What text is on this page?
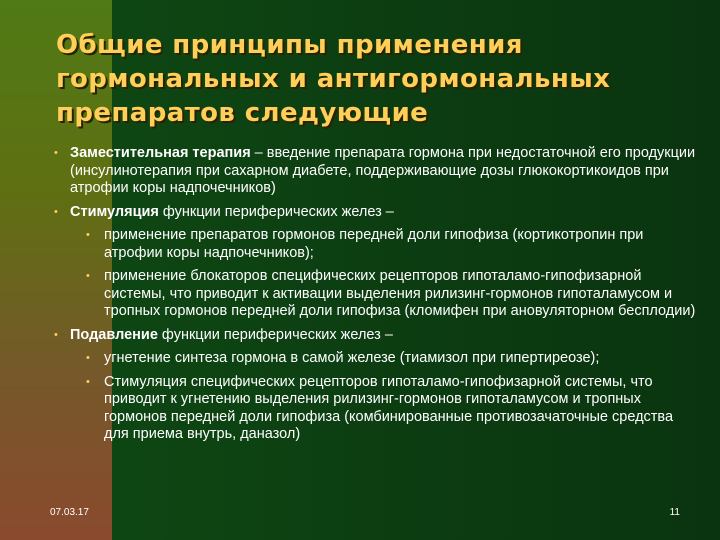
Общие принципы применения
гормональных и антигормональных
препаратов следующие
• Заместительная терапия – введение препарата гормона при недостаточной его продукции (инсулинотерапия при сахарном диабете, поддерживающие дозы глюкокортикоидов при атрофии коры надпочечников)
• Стимуляция функции периферических желез –
• применение препаратов гормонов передней доли гипофиза (кортикотропин при атрофии коры надпочечников);
• применение блокаторов специфических рецепторов гипоталамо-гипофизарной системы, что приводит к активации выделения рилизинг-гормонов гипоталамусом и тропных гормонов передней доли гипофиза (кломифен при ановуляторном бесплодии)
• Подавление функции периферических желез –
• угнетение синтеза гормона в самой железе (тиамизол при гипертиреозе);
• Стимуляция специфических рецепторов гипоталамо-гипофизарной системы, что приводит к угнетению выделения рилизинг-гормонов гипоталамусом и тропных гормонов передней доли гипофиза (комбинированные противозачаточные средства для приема внутрь, даназол)
07.03.17	11
